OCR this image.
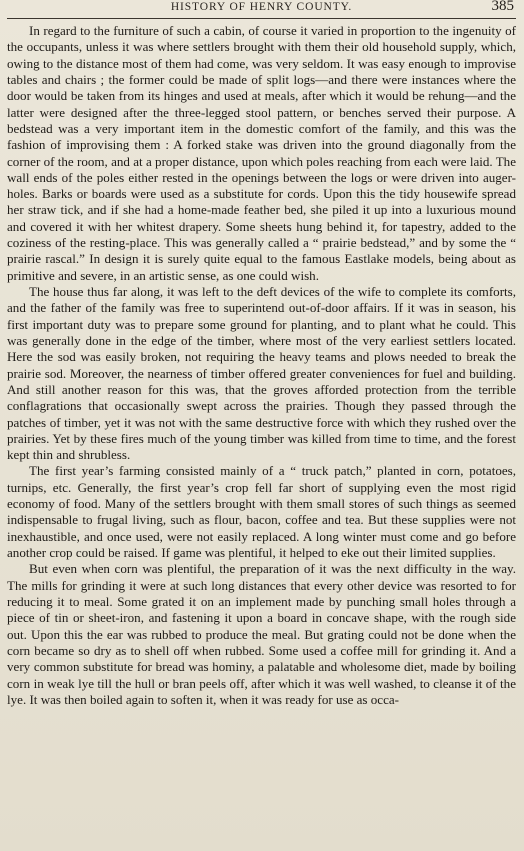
HISTORY OF HENRY COUNTY.	385

In regard to the furniture of such a cabin, of course it varied in proportion to the ingenuity of the occupants, unless it was where settlers brought with them their old household supply, which, owing to the distance most of them had come, was very seldom. It was easy enough to improvise tables and chairs ; the former could be made of split logs—and there were instances where the door would be taken from its hinges and used at meals, after which it would be rehung—and the latter were designed after the three-legged stool pattern, or benches served their purpose. A bedstead was a very important item in the domestic comfort of the family, and this was the fashion of improvising them : A forked stake was driven into the ground diagonally from the corner of the room, and at a proper distance, upon which poles reaching from each were laid. The wall ends of the poles either rested in the openings between the logs or were driven into auger-holes. Barks or boards were used as a substitute for cords. Upon this the tidy housewife spread her straw tick, and if she had a home-made feather bed, she piled it up into a luxurious mound and covered it with her whitest drapery. Some sheets hung behind it, for tapestry, added to the coziness of the resting-place. This was generally called a “ prairie bedstead,” and by some the “ prairie rascal.” In design it is surely quite equal to the famous Eastlake models, being about as primitive and severe, in an artistic sense, as one could wish.

The house thus far along, it was left to the deft devices of the wife to complete its comforts, and the father of the family was free to superintend out-of-door affairs. If it was in season, his first important duty was to prepare some ground for planting, and to plant what he could. This was generally done in the edge of the timber, where most of the very earliest settlers located. Here the sod was easily broken, not requiring the heavy teams and plows needed to break the prairie sod. Moreover, the nearness of timber offered greater conveniences for fuel and building. And still another reason for this was, that the groves afforded protection from the terrible conflagrations that occasionally swept across the prairies. Though they passed through the patches of timber, yet it was not with the same destructive force with which they rushed over the prairies. Yet by these fires much of the young timber was killed from time to time, and the forest kept thin and shrubless.

The first year’s farming consisted mainly of a “ truck patch,” planted in corn, potatoes, turnips, etc. Generally, the first year’s crop fell far short of supplying even the most rigid economy of food. Many of the settlers brought with them small stores of such things as seemed indispensable to frugal living, such as flour, bacon, coffee and tea. But these supplies were not inexhaustible, and once used, were not easily replaced. A long winter must come and go before another crop could be raised. If game was plentiful, it helped to eke out their limited supplies.

But even when corn was plentiful, the preparation of it was the next difficulty in the way. The mills for grinding it were at such long distances that every other device was resorted to for reducing it to meal. Some grated it on an implement made by punching small holes through a piece of tin or sheet-iron, and fastening it upon a board in concave shape, with the rough side out. Upon this the ear was rubbed to produce the meal. But grating could not be done when the corn became so dry as to shell off when rubbed. Some used a coffee mill for grinding it. And a very common substitute for bread was hominy, a palatable and wholesome diet, made by boiling corn in weak lye till the hull or bran peels off, after which it was well washed, to cleanse it of the lye. It was then boiled again to soften it, when it was ready for use as occa-
